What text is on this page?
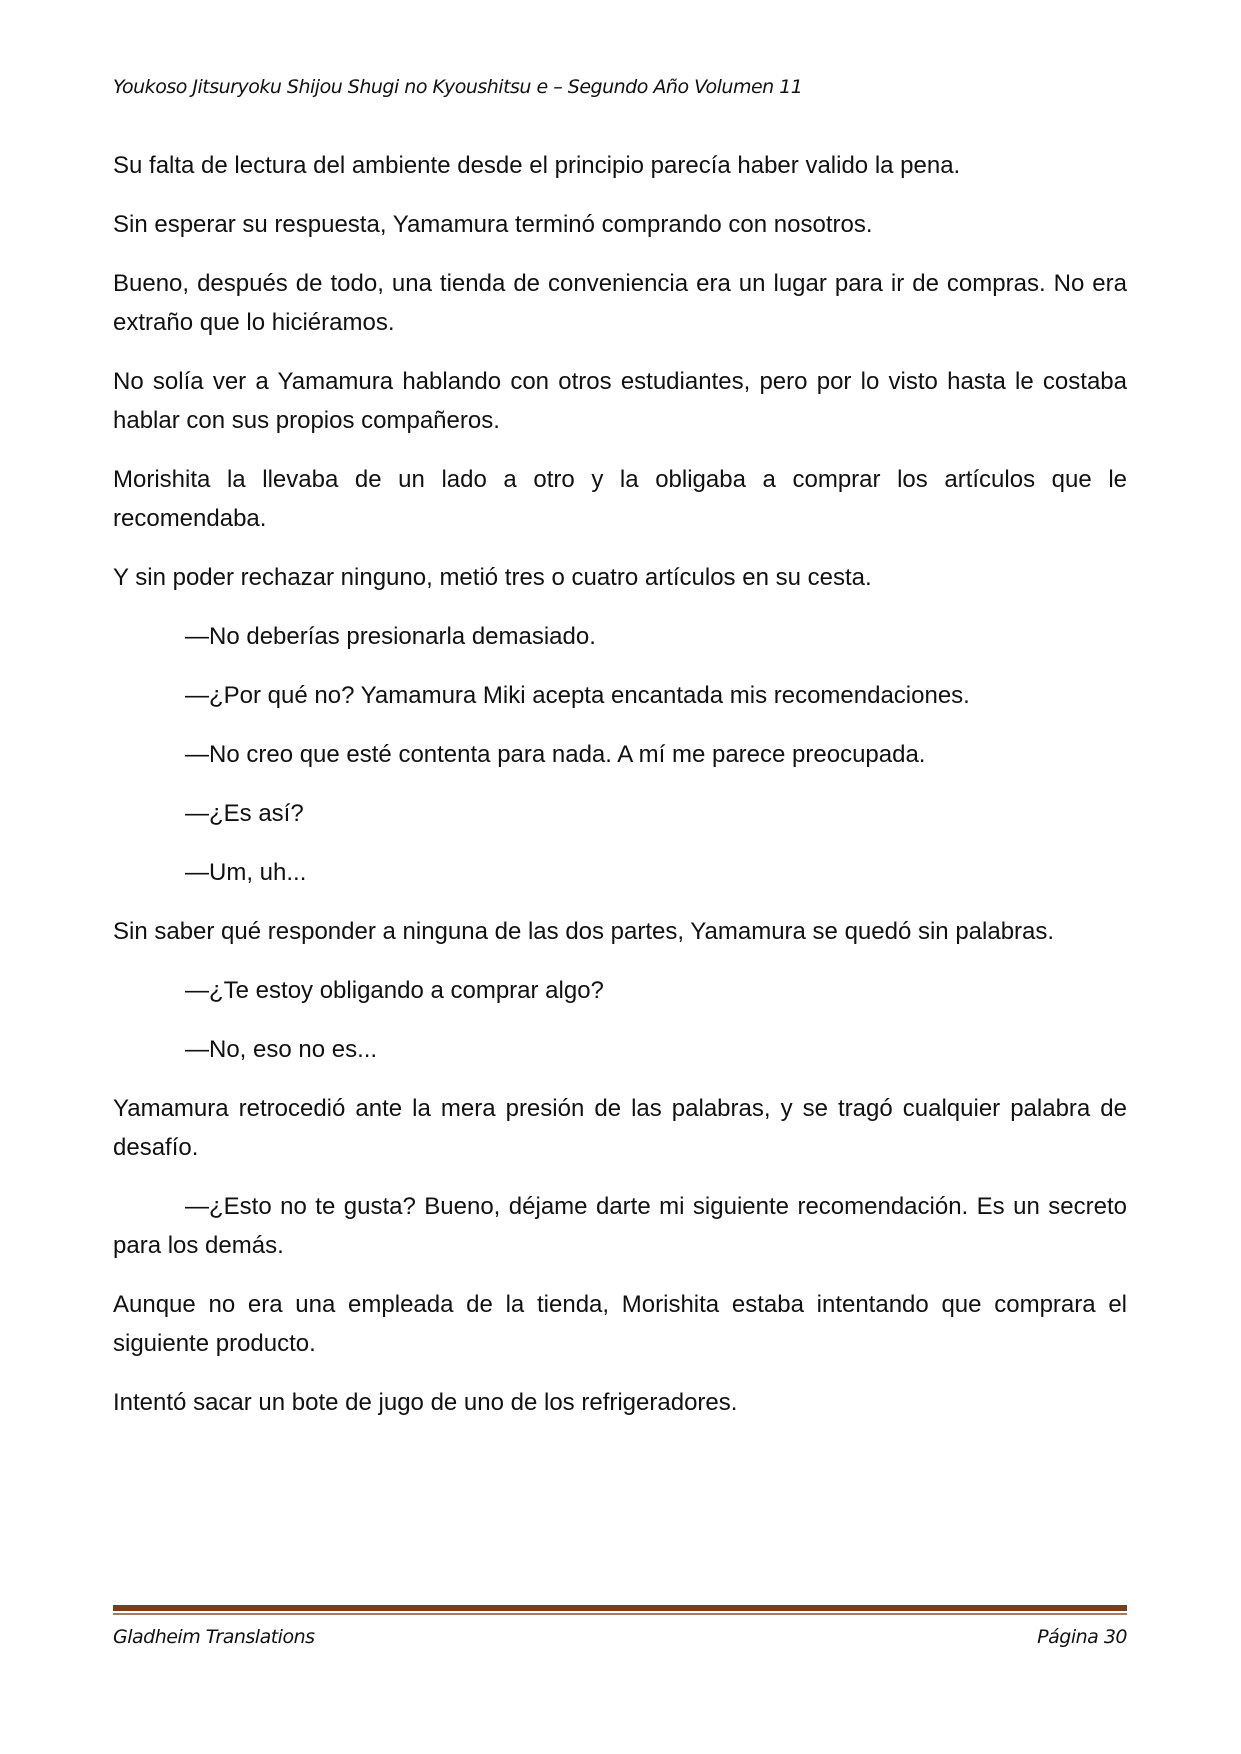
Youkoso Jitsuryoku Shijou Shugi no Kyoushitsu e – Segundo Año Volumen 11

Su falta de lectura del ambiente desde el principio parecía haber valido la pena.

Sin esperar su respuesta, Yamamura terminó comprando con nosotros.

Bueno, después de todo, una tienda de conveniencia era un lugar para ir de compras. No era extraño que lo hiciéramos.

No solía ver a Yamamura hablando con otros estudiantes, pero por lo visto hasta le costaba hablar con sus propios compañeros.

Morishita la llevaba de un lado a otro y la obligaba a comprar los artículos que le recomendaba.

Y sin poder rechazar ninguno, metió tres o cuatro artículos en su cesta.

—No deberías presionarla demasiado.

—¿Por qué no? Yamamura Miki acepta encantada mis recomendaciones.

—No creo que esté contenta para nada. A mí me parece preocupada.

—¿Es así?

—Um, uh...

Sin saber qué responder a ninguna de las dos partes, Yamamura se quedó sin palabras.

—¿Te estoy obligando a comprar algo?

—No, eso no es...

Yamamura retrocedió ante la mera presión de las palabras, y se tragó cualquier palabra de desafío.

—¿Esto no te gusta? Bueno, déjame darte mi siguiente recomendación. Es un secreto para los demás.

Aunque no era una empleada de la tienda, Morishita estaba intentando que comprara el siguiente producto.

Intentó sacar un bote de jugo de uno de los refrigeradores.

Gladheim Translations	Página 30
